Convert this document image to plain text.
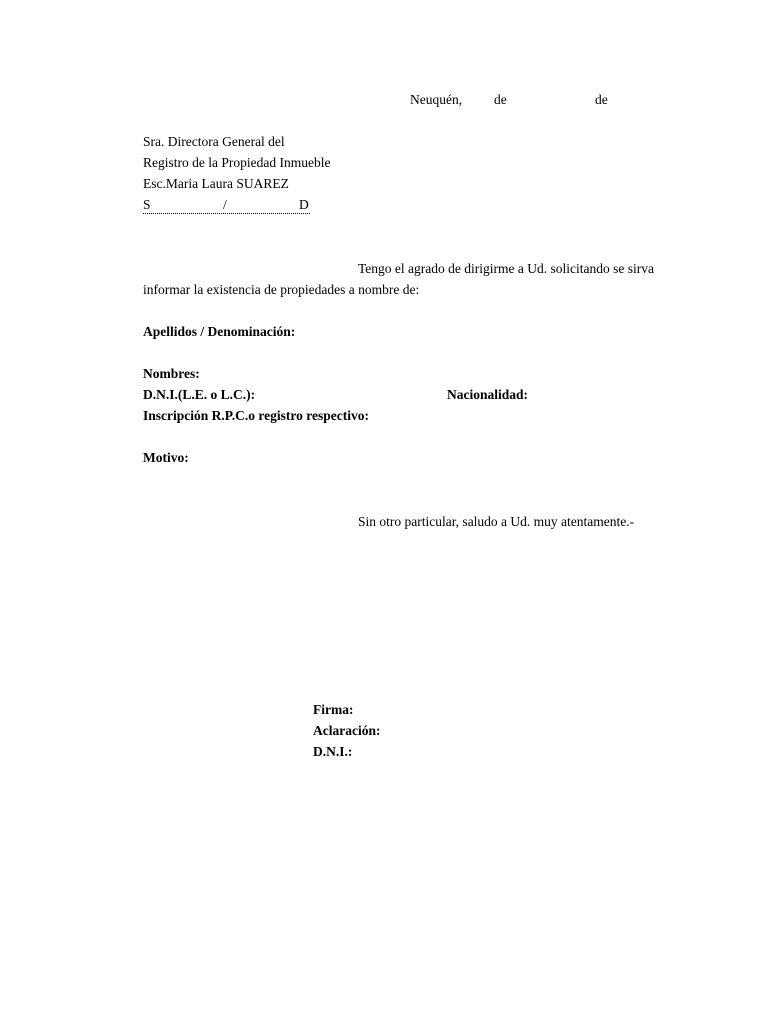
Neuquén, de	de
Sra. Directora General del
Registro de la Propiedad Inmueble
Esc.Maria Laura SUAREZ
S	/	D
Tengo el agrado de dirigirme a Ud. solicitando se sirva
informar la existencia de propiedades a nombre de:
Apellidos / Denominación:
Nombres:
D.N.I.(L.E. o L.C.):	Nacionalidad:
Inscripción R.P.C.o registro respectivo:
Motivo:
Sin otro particular, saludo a Ud. muy atentamente.-
Firma:
Aclaración:
D.N.I.:
